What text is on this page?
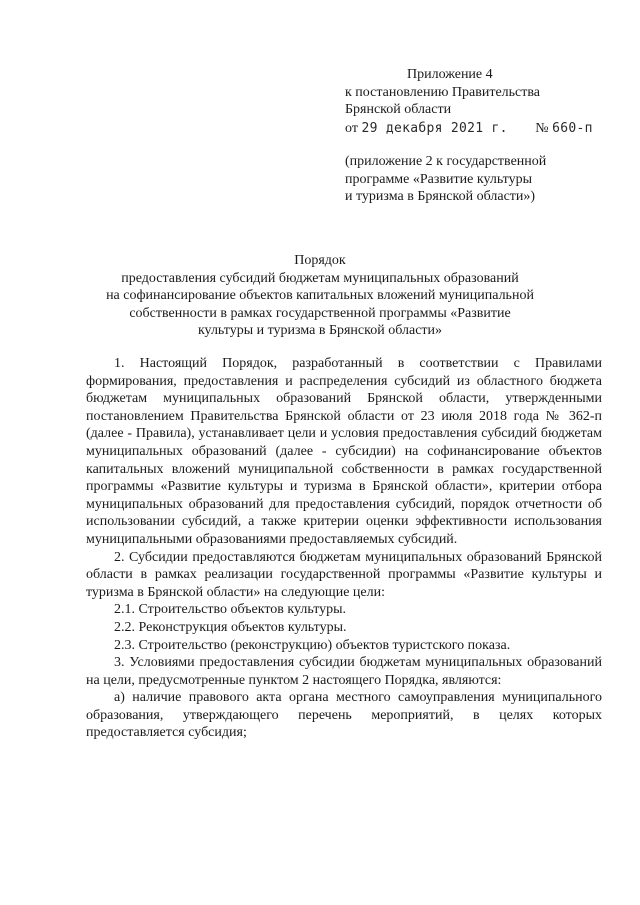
Приложение 4
к постановлению Правительства
Брянской области
от 29 декабря 2021 г. № 660-п
(приложение 2 к государственной
программе «Развитие культуры
и туризма в Брянской области»)
Порядок
предоставления субсидий бюджетам муниципальных образований
на софинансирование объектов капитальных вложений муниципальной
собственности в рамках государственной программы «Развитие
культуры и туризма в Брянской области»

1. Настоящий Порядок, разработанный в соответствии с Правилами формирования, предоставления и распределения субсидий из областного бюджета бюджетам муниципальных образований Брянской области, утвержденными постановлением Правительства Брянской области от 23 июля 2018 года № 362-п (далее - Правила), устанавливает цели и условия предоставления субсидий бюджетам муниципальных образований (далее - субсидии) на софинансирование объектов капитальных вложений муниципальной собственности в рамках государственной программы «Развитие культуры и туризма в Брянской области», критерии отбора муниципальных образований для предоставления субсидий, порядок отчетности об использовании субсидий, а также критерии оценки эффективности использования муниципальными образованиями предоставляемых субсидий.

2. Субсидии предоставляются бюджетам муниципальных образований Брянской области в рамках реализации государственной программы «Развитие культуры и туризма в Брянской области» на следующие цели:

2.1. Строительство объектов культуры.

2.2. Реконструкция объектов культуры.

2.3. Строительство (реконструкцию) объектов туристского показа.

3. Условиями предоставления субсидии бюджетам муниципальных образований на цели, предусмотренные пунктом 2 настоящего Порядка, являются:

а) наличие правового акта органа местного самоуправления муниципального образования, утверждающего перечень мероприятий, в целях которых предоставляется субсидия;
